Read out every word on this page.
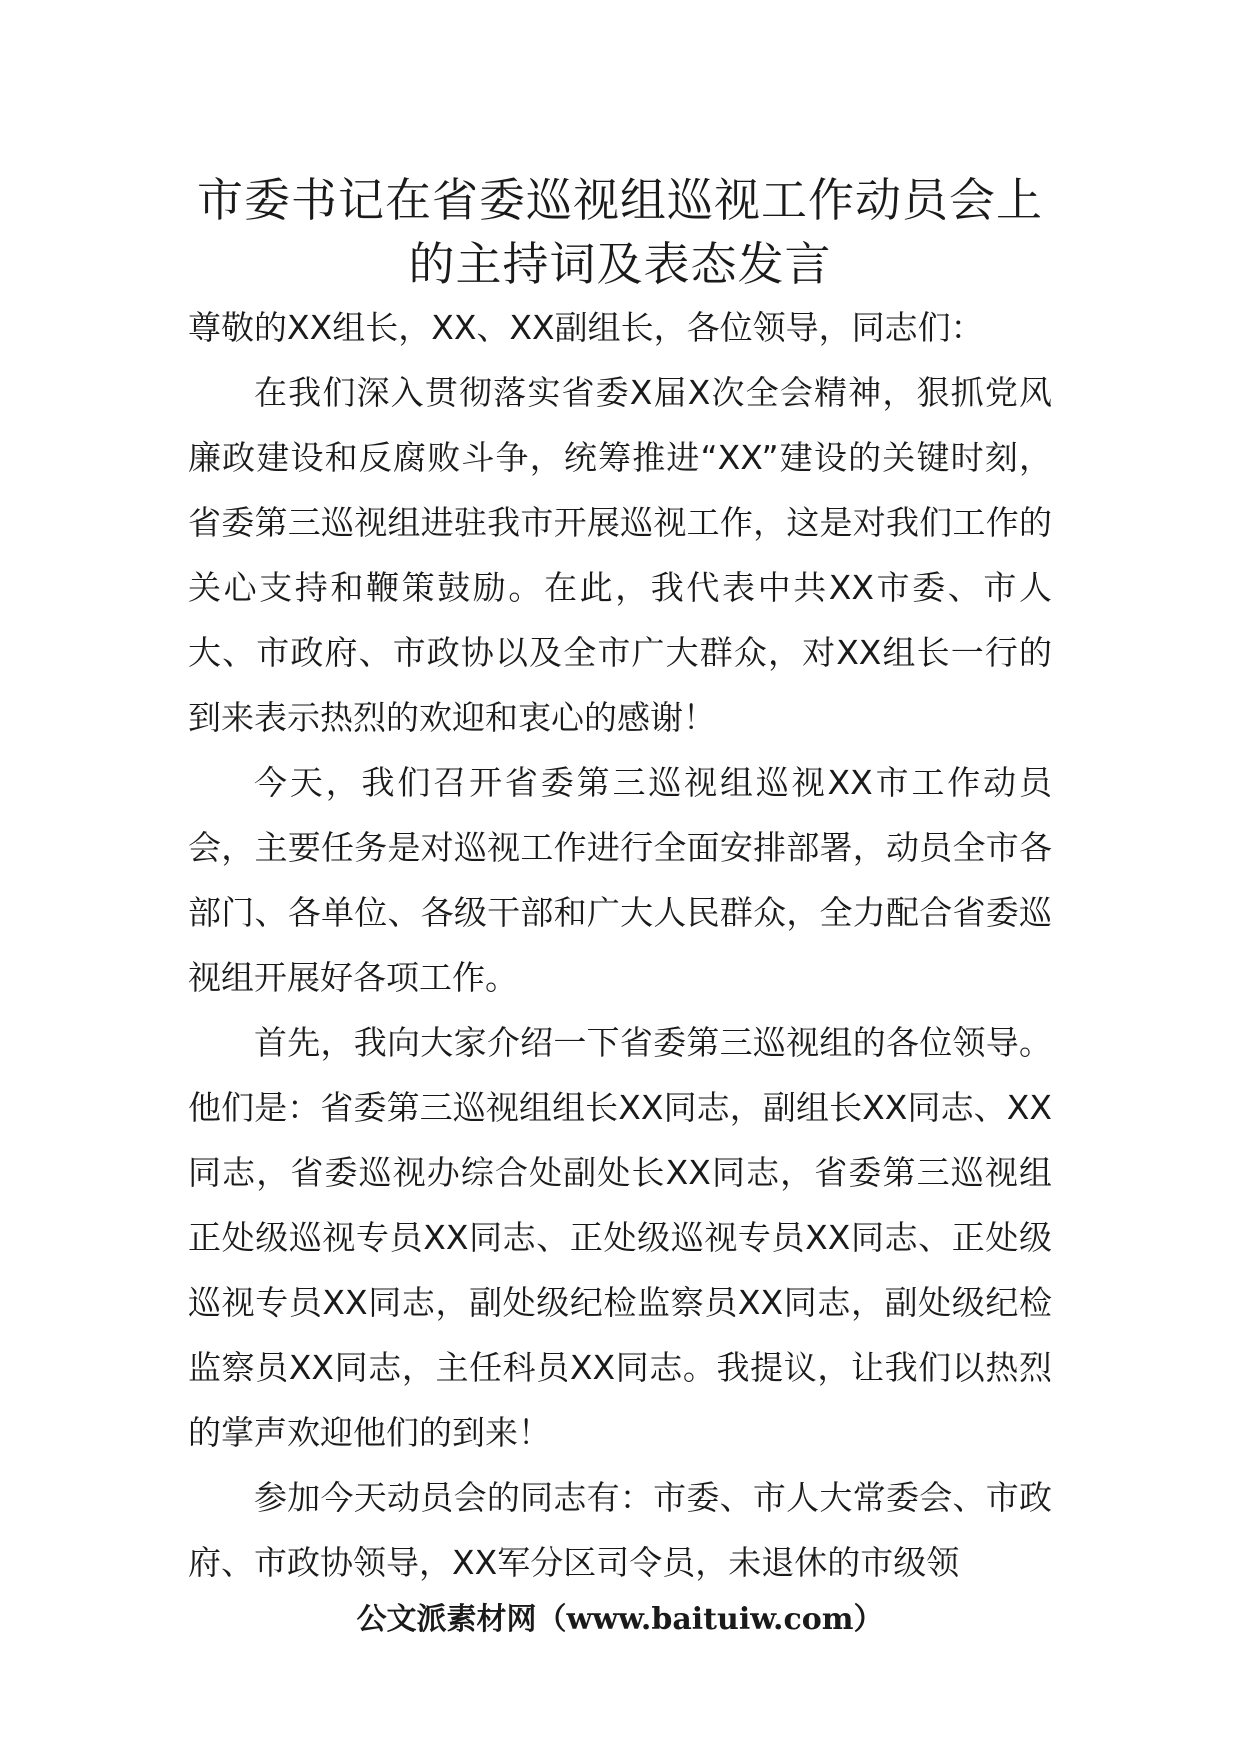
市委书记在省委巡视组巡视工作动员会上
的主持词及表态发言

尊敬的XX组长，XX、XX副组长，各位领导，同志们：

在我们深入贯彻落实省委X届X次全会精神，狠抓党风廉政建设和反腐败斗争，统筹推进“XX”建设的关键时刻，省委第三巡视组进驻我市开展巡视工作，这是对我们工作的关心支持和鞭策鼓励。在此，我代表中共XX市委、市人大、市政府、市政协以及全市广大群众，对XX组长一行的到来表示热烈的欢迎和衷心的感谢！

今天，我们召开省委第三巡视组巡视XX市工作动员会，主要任务是对巡视工作进行全面安排部署，动员全市各部门、各单位、各级干部和广大人民群众，全力配合省委巡视组开展好各项工作。

首先，我向大家介绍一下省委第三巡视组的各位领导。他们是：省委第三巡视组组长XX同志，副组长XX同志、XX同志，省委巡视办综合处副处长XX同志，省委第三巡视组正处级巡视专员XX同志、正处级巡视专员XX同志、正处级巡视专员XX同志，副处级纪检监察员XX同志，副处级纪检监察员XX同志，主任科员XX同志。我提议，让我们以热烈的掌声欢迎他们的到来！

参加今天动员会的同志有：市委、市人大常委会、市政府、市政协领导，XX军分区司令员，未退休的市级领

公文派素材网（www.baituiw.com）
